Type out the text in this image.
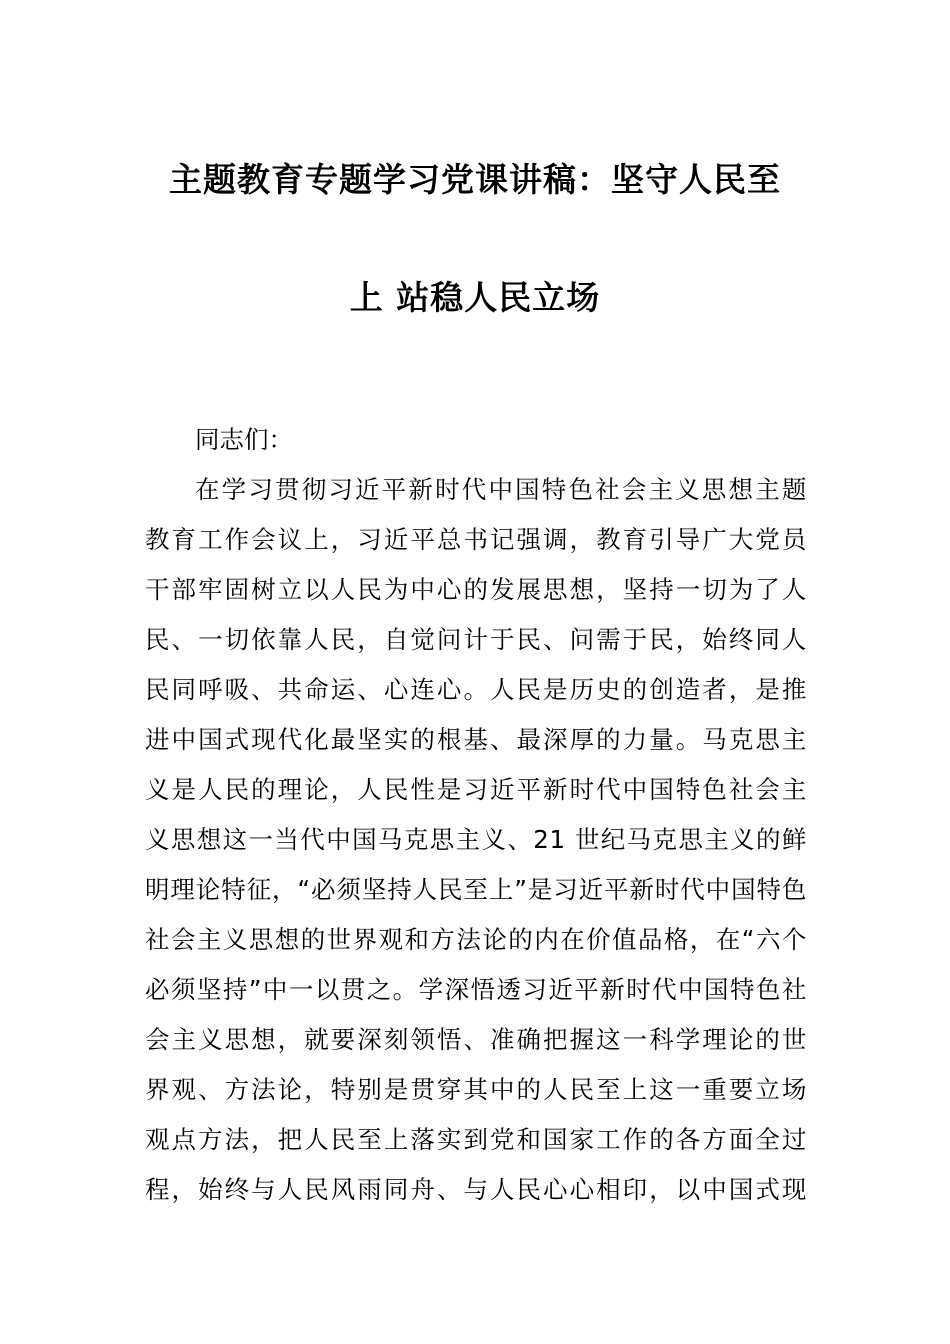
主题教育专题学习党课讲稿：坚守人民至
上 站稳人民立场
同志们：
在学习贯彻习近平新时代中国特色社会主义思想主题
教育工作会议上，习近平总书记强调，教育引导广大党员
干部牢固树立以人民为中心的发展思想，坚持一切为了人
民、一切依靠人民，自觉问计于民、问需于民，始终同人
民同呼吸、共命运、心连心。人民是历史的创造者，是推
进中国式现代化最坚实的根基、最深厚的力量。马克思主
义是人民的理论，人民性是习近平新时代中国特色社会主
义思想这一当代中国马克思主义、21 世纪马克思主义的鲜
明理论特征，“必须坚持人民至上”是习近平新时代中国特色
社会主义思想的世界观和方法论的内在价值品格，在“六个
必须坚持”中一以贯之。学深悟透习近平新时代中国特色社
会主义思想，就要深刻领悟、准确把握这一科学理论的世
界观、方法论，特别是贯穿其中的人民至上这一重要立场
观点方法，把人民至上落实到党和国家工作的各方面全过
程，始终与人民风雨同舟、与人民心心相印，以中国式现
